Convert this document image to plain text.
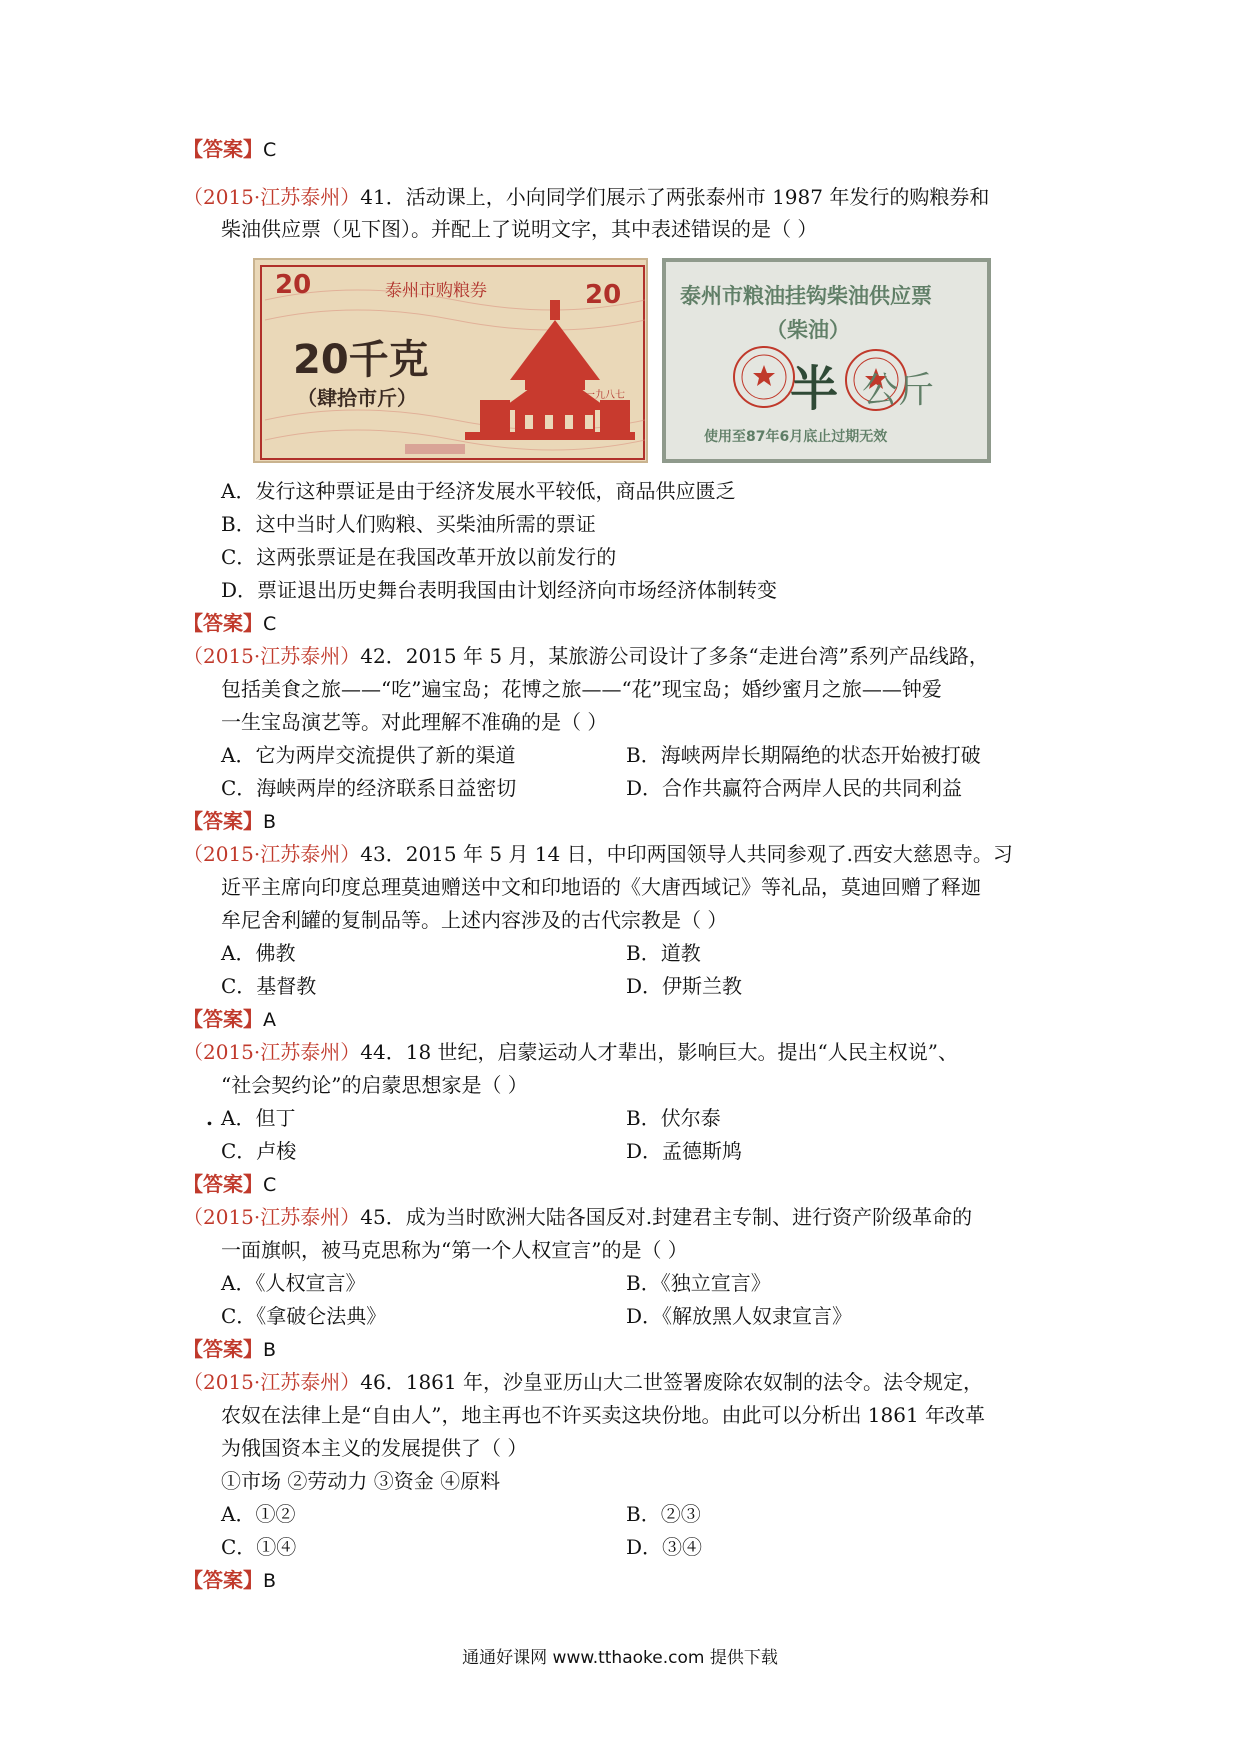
【答案】C
（2015·江苏泰州）41．活动课上，小向同学们展示了两张泰州市 1987 年发行的购粮券和
柴油供应票（见下图）。并配上了说明文字，其中表述错误的是（ ）
20	20
泰州市购粮券
20千克
（肆拾市斤）	一九八七
泰州市粮油挂钩柴油供应票
（柴油）
半 公斤
使用至87年6月底止过期无效
A．发行这种票证是由于经济发展水平较低，商品供应匮乏
B．这中当时人们购粮、买柴油所需的票证
C．这两张票证是在我国改革开放以前发行的
D．票证退出历史舞台表明我国由计划经济向市场经济体制转变
【答案】C
（2015·江苏泰州）42．2015 年 5 月，某旅游公司设计了多条“走进台湾”系列产品线路，
包括美食之旅——“吃”遍宝岛；花博之旅——“花”现宝岛；婚纱蜜月之旅——钟爱
一生宝岛演艺等。对此理解不准确的是（ ）
A．它为两岸交流提供了新的渠道	B．海峡两岸长期隔绝的状态开始被打破
C．海峡两岸的经济联系日益密切	D．合作共赢符合两岸人民的共同利益
【答案】B
（2015·江苏泰州）43．2015 年 5 月 14 日，中印两国领导人共同参观了.西安大慈恩寺。习
近平主席向印度总理莫迪赠送中文和印地语的《大唐西域记》等礼品，莫迪回赠了释迦
牟尼舍利罐的复制品等。上述内容涉及的古代宗教是（ ）
A．佛教	B．道教
C．基督教	D．伊斯兰教
【答案】A
（2015·江苏泰州）44．18 世纪，启蒙运动人才辈出，影响巨大。提出“人民主权说”、
“社会契约论”的启蒙思想家是（ ）
. A．但丁	B．伏尔泰
C．卢梭	D．孟德斯鸠
【答案】C
（2015·江苏泰州）45．成为当时欧洲大陆各国反对.封建君主专制、进行资产阶级革命的
一面旗帜，被马克思称为“第一个人权宣言”的是（ ）
A．《人权宣言》	B．《独立宣言》
C．《拿破仑法典》	D．《解放黑人奴隶宣言》
【答案】B
（2015·江苏泰州）46．1861 年，沙皇亚历山大二世签署废除农奴制的法令。法令规定，
农奴在法律上是“自由人”，地主再也不许买卖这块份地。由此可以分析出 1861 年改革
为俄国资本主义的发展提供了（ ）
①市场 ②劳动力 ③资金 ④原料
A．①②	B．②③
C．①④	D．③④
【答案】B
通通好课网 www.tthaoke.com 提供下载
